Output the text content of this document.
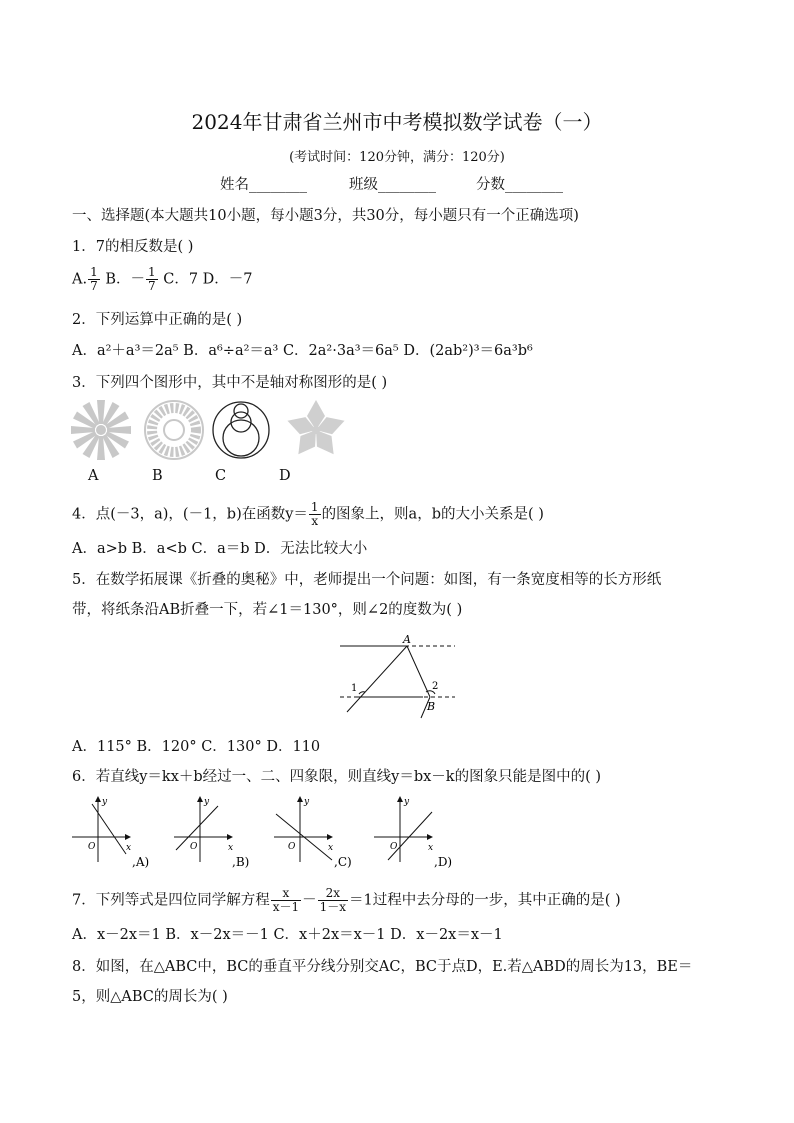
2024年甘肃省兰州市中考模拟数学试卷（一）
(考试时间：120分钟，满分：120分)
姓名________	班级________	分数________
一、选择题(本大题共10小题，每小题3分，共30分，每小题只有一个正确选项)
1．7的相反数是( )
A. $\frac{1}{7}$ B．－ $\frac{1}{7}$ C．7 D．－7
2．下列运算中正确的是( )
A．a²＋a³＝2a⁵ B．a⁶÷a²＝a³ C．2a²·3a³＝6a⁵ D．(2ab²)³＝6a³b⁶
3．下列四个图形中，其中不是轴对称图形的是( )
A	B	C	D
4．点(－3，a)，(－1，b)在函数$y= \frac{1}{x}$ 的图象上，则a，b的大小关系是( )
A．a>b B．a<b C．a＝b D．无法比较大小
5．在数学拓展课《折叠的奥秘》中，老师提出一个问题：如图，有一条宽度相等的长方形纸
带，将纸条沿AB折叠一下，若∠1＝130°，则∠2的度数为( )
A
B
1	2
A．115° B．120° C．130° D．110
6．若直线y＝kx＋b经过一、二、四象限，则直线y＝bx－k的图象只能是图中的( )
y
x
O
,A)
y
x
O
,B)
y
x
O
,C)
y
x
O
,D)
7．下列等式是四位同学解方程 $\frac{x}{x-1} - \frac{2x}{1-x} =1$过程中去分母的一步，其中正确的是( )
A．x－2x＝1 B．x－2x＝－1 C．x＋2x＝x－1 D．x－2x＝x－1
8．如图，在△ABC中，BC的垂直平分线分别交AC，BC于点D，E.若△ABD的周长为13，BE＝
5，则△ABC的周长为( )
